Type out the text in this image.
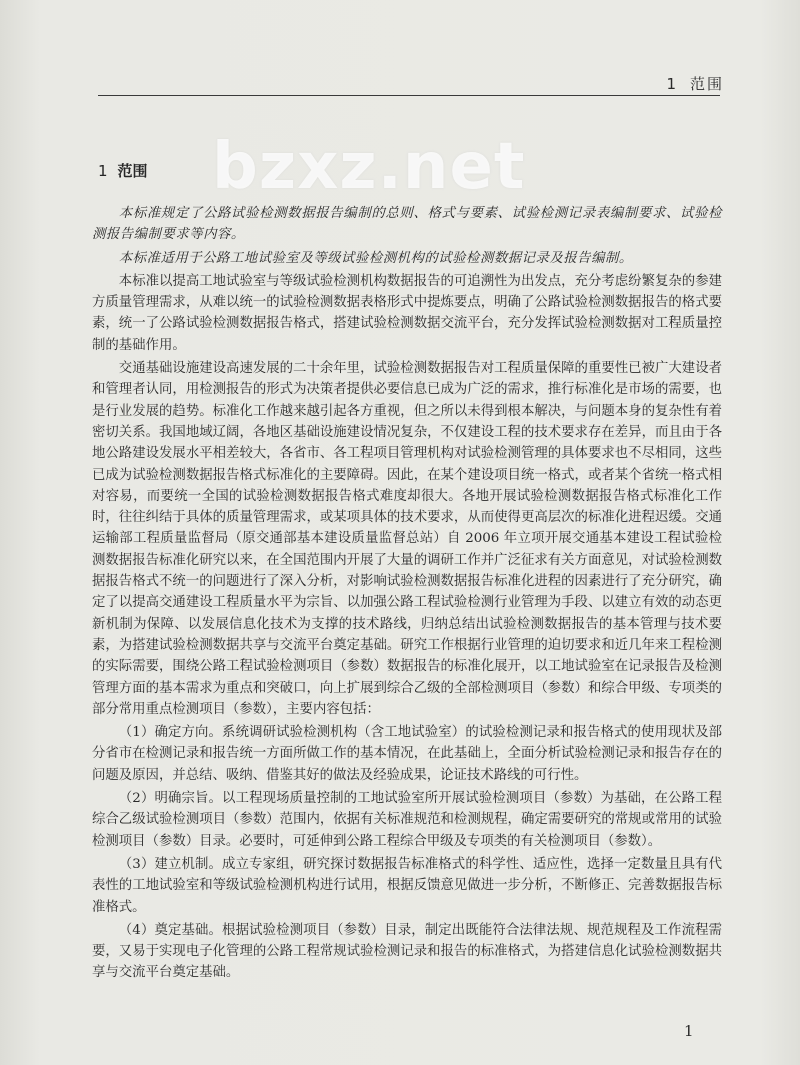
1 范围
bzxz.net
1 范围

本标准规定了公路试验检测数据报告编制的总则、格式与要素、试验检测记录表编制要求、试验检测报告编制要求等内容。

本标准适用于公路工地试验室及等级试验检测机构的试验检测数据记录及报告编制。

本标准以提高工地试验室与等级试验检测机构数据报告的可追溯性为出发点，充分考虑纷繁复杂的参建方质量管理需求，从难以统一的试验检测数据表格形式中提炼要点，明确了公路试验检测数据报告的格式要素，统一了公路试验检测数据报告格式，搭建试验检测数据交流平台，充分发挥试验检测数据对工程质量控制的基础作用。

交通基础设施建设高速发展的二十余年里，试验检测数据报告对工程质量保障的重要性已被广大建设者和管理者认同，用检测报告的形式为决策者提供必要信息已成为广泛的需求，推行标准化是市场的需要，也是行业发展的趋势。标准化工作越来越引起各方重视，但之所以未得到根本解决，与问题本身的复杂性有着密切关系。我国地域辽阔，各地区基础设施建设情况复杂，不仅建设工程的技术要求存在差异，而且由于各地公路建设发展水平相差较大，各省市、各工程项目管理机构对试验检测管理的具体要求也不尽相同，这些已成为试验检测数据报告格式标准化的主要障碍。因此，在某个建设项目统一格式，或者某个省统一格式相对容易，而要统一全国的试验检测数据报告格式难度却很大。各地开展试验检测数据报告格式标准化工作时，往往纠结于具体的质量管理需求，或某项具体的技术要求，从而使得更高层次的标准化进程迟缓。交通运输部工程质量监督局（原交通部基本建设质量监督总站）自 2006 年立项开展交通基本建设工程试验检测数据报告标准化研究以来，在全国范围内开展了大量的调研工作并广泛征求有关方面意见，对试验检测数据报告格式不统一的问题进行了深入分析，对影响试验检测数据报告标准化进程的因素进行了充分研究，确定了以提高交通建设工程质量水平为宗旨、以加强公路工程试验检测行业管理为手段、以建立有效的动态更新机制为保障、以发展信息化技术为支撑的技术路线，归纳总结出试验检测数据报告的基本管理与技术要素，为搭建试验检测数据共享与交流平台奠定基础。研究工作根据行业管理的迫切要求和近几年来工程检测的实际需要，围绕公路工程试验检测项目（参数）数据报告的标准化展开，以工地试验室在记录报告及检测管理方面的基本需求为重点和突破口，向上扩展到综合乙级的全部检测项目（参数）和综合甲级、专项类的部分常用重点检测项目（参数），主要内容包括：

（1）确定方向。系统调研试验检测机构（含工地试验室）的试验检测记录和报告格式的使用现状及部分省市在检测记录和报告统一方面所做工作的基本情况，在此基础上，全面分析试验检测记录和报告存在的问题及原因，并总结、吸纳、借鉴其好的做法及经验成果，论证技术路线的可行性。

（2）明确宗旨。以工程现场质量控制的工地试验室所开展试验检测项目（参数）为基础，在公路工程综合乙级试验检测项目（参数）范围内，依据有关标准规范和检测规程，确定需要研究的常规或常用的试验检测项目（参数）目录。必要时，可延伸到公路工程综合甲级及专项类的有关检测项目（参数）。

（3）建立机制。成立专家组，研究探讨数据报告标准格式的科学性、适应性，选择一定数量且具有代表性的工地试验室和等级试验检测机构进行试用，根据反馈意见做进一步分析，不断修正、完善数据报告标准格式。

（4）奠定基础。根据试验检测项目（参数）目录，制定出既能符合法律法规、规范规程及工作流程需要，又易于实现电子化管理的公路工程常规试验检测记录和报告的标准格式，为搭建信息化试验检测数据共享与交流平台奠定基础。

1
